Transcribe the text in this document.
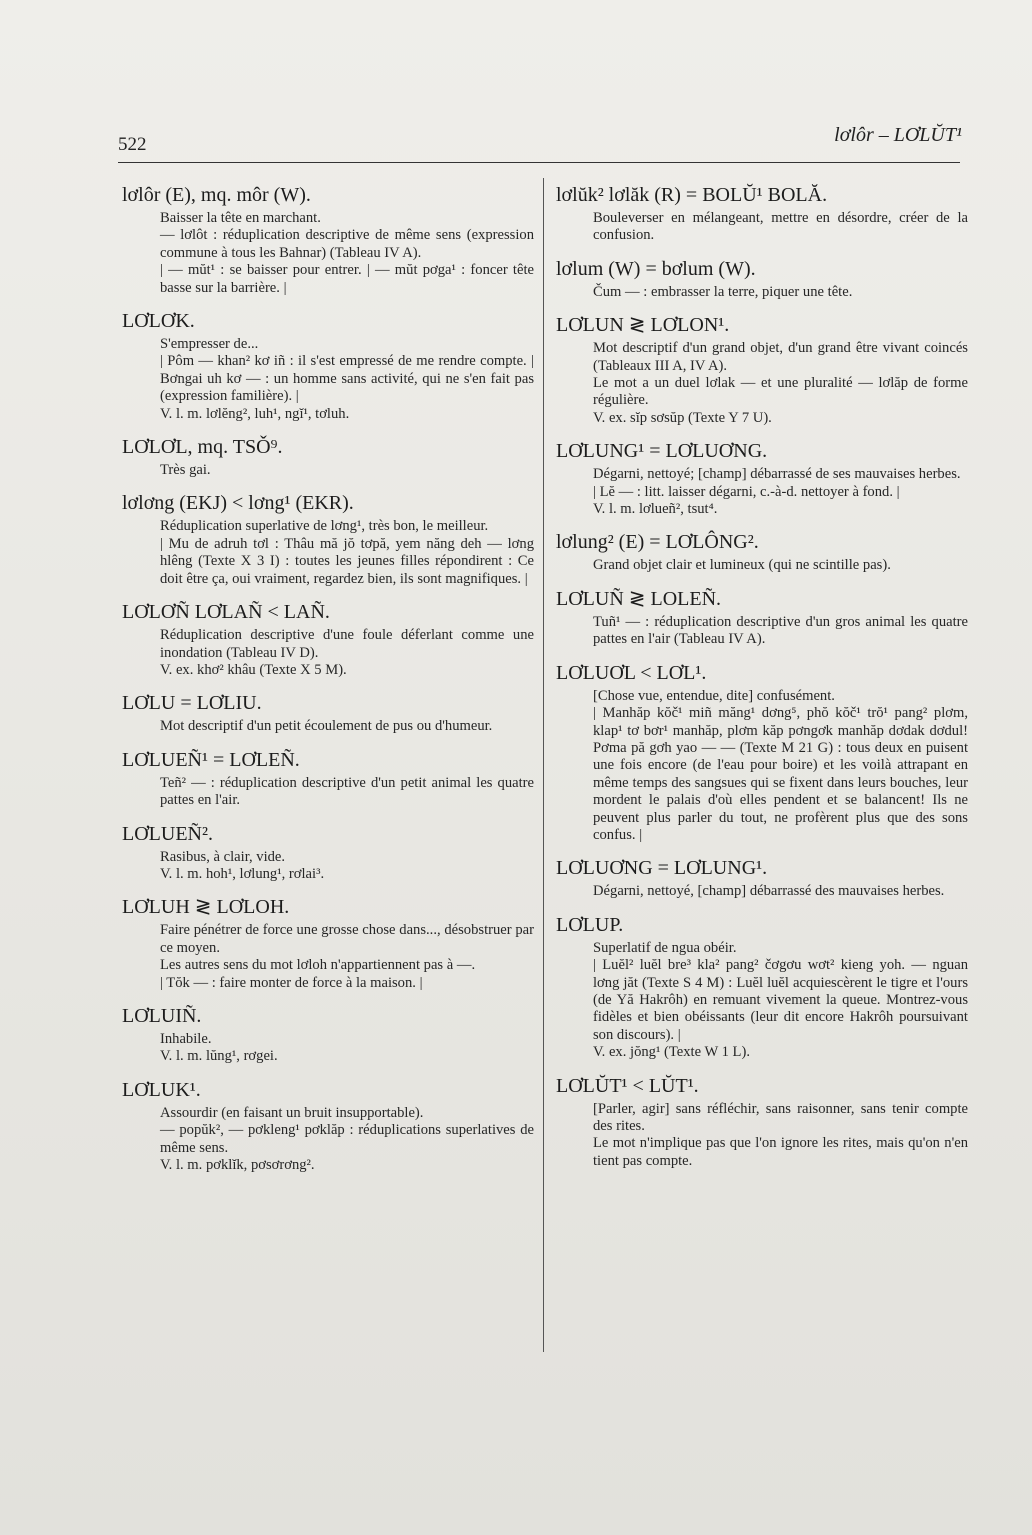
522	lơlôr – LƠLŬT¹
lơlôr (E), mq. môr (W).

Baisser la tête en marchant.

— lơlôt : réduplication descriptive de même sens (expression commune à tous les Bahnar) (Tableau IV A).

| — mŭt¹ : se baisser pour entrer. | — mŭt pơga¹ : foncer tête basse sur la barrière. |

LƠLƠK.

S'empresser de...

| Pôm — khan² kơ iñ : il s'est empressé de me rendre compte. | Bơngai uh kơ — : un homme sans activité, qui ne s'en fait pas (expression familière). |

V. l. m. lơlĕng², luh¹, ngĭ¹, tơluh.

LƠLƠL, mq. TSǑ⁹.

Très gai.

lơlơng (EKJ) < lơng¹ (EKR).

Réduplication superlative de lơng¹, très bon, le meilleur.

| Mu de adruh tơl : Thâu mă jŏ tơpă, yem năng deh — lơng hlêng (Texte X 3 I) : toutes les jeunes filles répondirent : Ce doit être ça, oui vraiment, regardez bien, ils sont magnifiques. |

LƠLƠÑ LƠLAÑ < LAÑ.

Réduplication descriptive d'une foule déferlant comme une inondation (Tableau IV D).

V. ex. khơ² khâu (Texte X 5 M).

LƠLU = LƠLIU.

Mot descriptif d'un petit écoulement de pus ou d'humeur.

LƠLUEÑ¹ = LƠLEÑ.

Teñ² — : réduplication descriptive d'un petit animal les quatre pattes en l'air.

LƠLUEÑ².

Rasibus, à clair, vide.

V. l. m. hoh¹, lơlung¹, rơlai³.

LƠLUH ≷ LƠLOH.

Faire pénétrer de force une grosse chose dans..., désobstruer par ce moyen.

Les autres sens du mot lơloh n'appartiennent pas à —.

| Tŏk — : faire monter de force à la maison. |

LƠLUIÑ.

Inhabile.

V. l. m. lŭng¹, rơgei.

LƠLUK¹.

Assourdir (en faisant un bruit insupportable).

— popŭk², — pơkleng¹ pơklăp : réduplications superlatives de même sens.

V. l. m. pơklĭk, pơsơrơng².

lơlŭk² lơlăk (R) = BOLŬ¹ BOLĂ.

Bouleverser en mélangeant, mettre en désordre, créer de la confusion.

lơlum (W) = bơlum (W).

Čum — : embrasser la terre, piquer une tête.

LƠLUN ≷ LƠLON¹.

Mot descriptif d'un grand objet, d'un grand être vivant coincés (Tableaux III A, IV A).

Le mot a un duel lơlak — et une pluralité — lơlăp de forme régulière.

V. ex. sĭp sơsŭp (Texte Y 7 U).

LƠLUNG¹ = LƠLUƠNG.

Dégarni, nettoyé; [champ] débarrassé de ses mauvaises herbes.

| Lĕ — : litt. laisser dégarni, c.-à-d. nettoyer à fond. |

V. l. m. lơlueñ², tsut⁴.

lơlung² (E) = LƠLÔNG².

Grand objet clair et lumineux (qui ne scintille pas).

LƠLUÑ ≷ LOLEÑ.

Tuñ¹ — : réduplication descriptive d'un gros animal les quatre pattes en l'air (Tableau IV A).

LƠLUƠL < LƠL¹.

[Chose vue, entendue, dite] confusément.

| Manhăp kŏč¹ miñ măng¹ dơng⁵, phŏ kŏč¹ trŏ¹ pang² plơm, klap¹ tơ bơr¹ manhăp, plơm kăp pơngơk manhăp dơdak dơdul! Pơma pă gơh yao — — (Texte M 21 G) : tous deux en puisent une fois encore (de l'eau pour boire) et les voilà attrapant en même temps des sangsues qui se fixent dans leurs bouches, leur mordent le palais d'où elles pendent et se balancent! Ils ne peuvent plus parler du tout, ne profèrent plus que des sons confus. |

LƠLUƠNG = LƠLUNG¹.

Dégarni, nettoyé, [champ] débarrassé des mauvaises herbes.

LƠLUP.

Superlatif de ngua obéir.

| Luĕl² luĕl bre³ kla² pang² čơgơu wơt² kieng yoh. — nguan lơng jăt (Texte S 4 M) : Luĕl luĕl acquiescèrent le tigre et l'ours (de Yă Hakrôh) en remuant vivement la queue. Montrez-vous fidèles et bien obéissants (leur dit encore Hakrôh poursuivant son discours). |

V. ex. jŏng¹ (Texte W 1 L).

LƠLŬT¹ < LŬT¹.

[Parler, agir] sans réfléchir, sans raisonner, sans tenir compte des rites.

Le mot n'implique pas que l'on ignore les rites, mais qu'on n'en tient pas compte.
